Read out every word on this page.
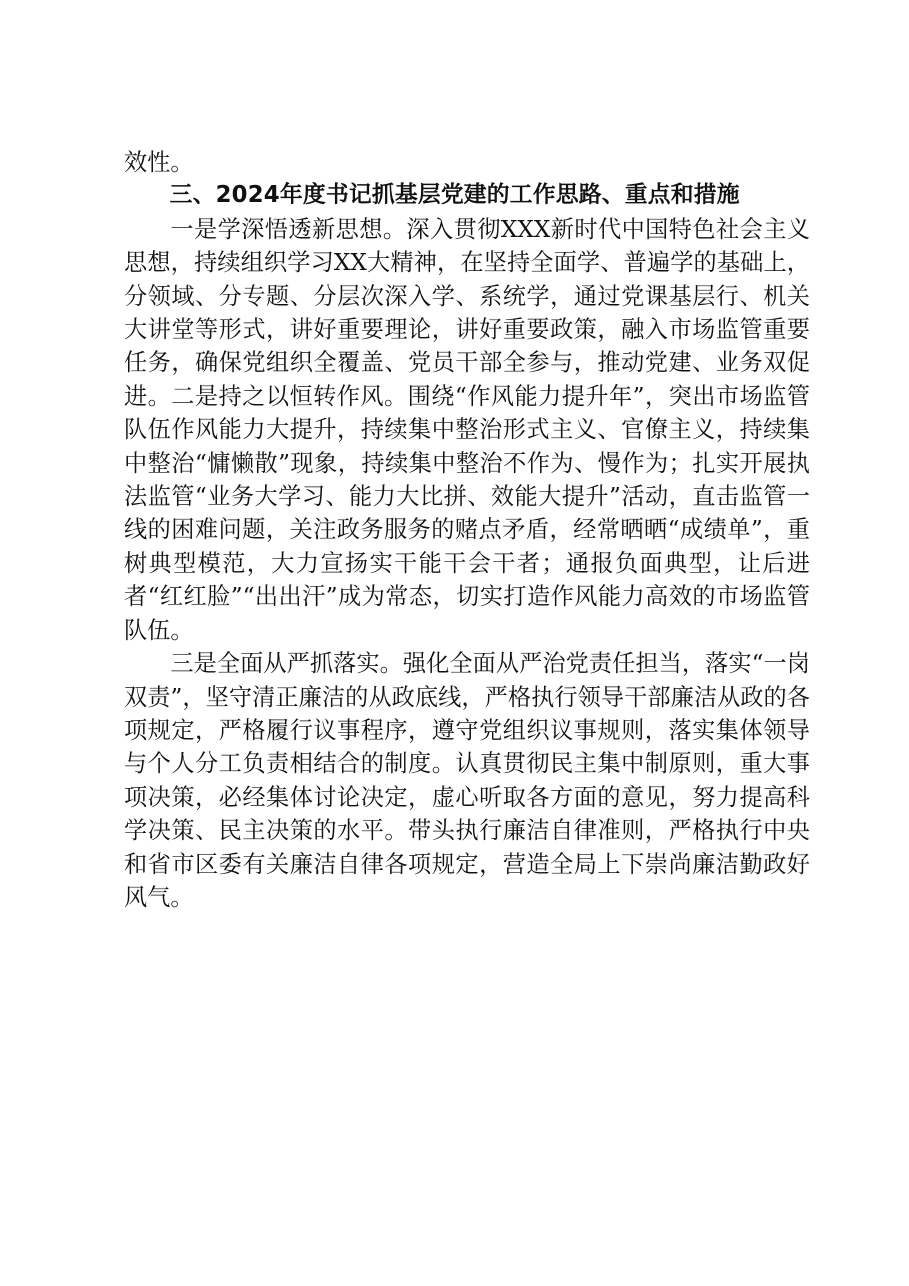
效性。

三、2024年度书记抓基层党建的工作思路、重点和措施

一是学深悟透新思想。深入贯彻XXX新时代中国特色社会主义思想，持续组织学习XX大精神，在坚持全面学、普遍学的基础上，分领域、分专题、分层次深入学、系统学，通过党课基层行、机关大讲堂等形式，讲好重要理论，讲好重要政策，融入市场监管重要任务，确保党组织全覆盖、党员干部全参与，推动党建、业务双促进。二是持之以恒转作风。围绕“作风能力提升年”，突出市场监管队伍作风能力大提升，持续集中整治形式主义、官僚主义，持续集中整治“慵懒散”现象，持续集中整治不作为、慢作为；扎实开展执法监管“业务大学习、能力大比拼、效能大提升”活动，直击监管一线的困难问题，关注政务服务的赌点矛盾，经常晒晒“成绩单”，重树典型模范，大力宣扬实干能干会干者；通报负面典型，让后进者“红红脸”“出出汗”成为常态，切实打造作风能力高效的市场监管队伍。

三是全面从严抓落实。强化全面从严治党责任担当，落实“一岗双责”，坚守清正廉洁的从政底线，严格执行领导干部廉洁从政的各项规定，严格履行议事程序，遵守党组织议事规则，落实集体领导与个人分工负责相结合的制度。认真贯彻民主集中制原则，重大事项决策，必经集体讨论决定，虚心听取各方面的意见，努力提高科学决策、民主决策的水平。带头执行廉洁自律准则，严格执行中央和省市区委有关廉洁自律各项规定，营造全局上下崇尚廉洁勤政好风气。
